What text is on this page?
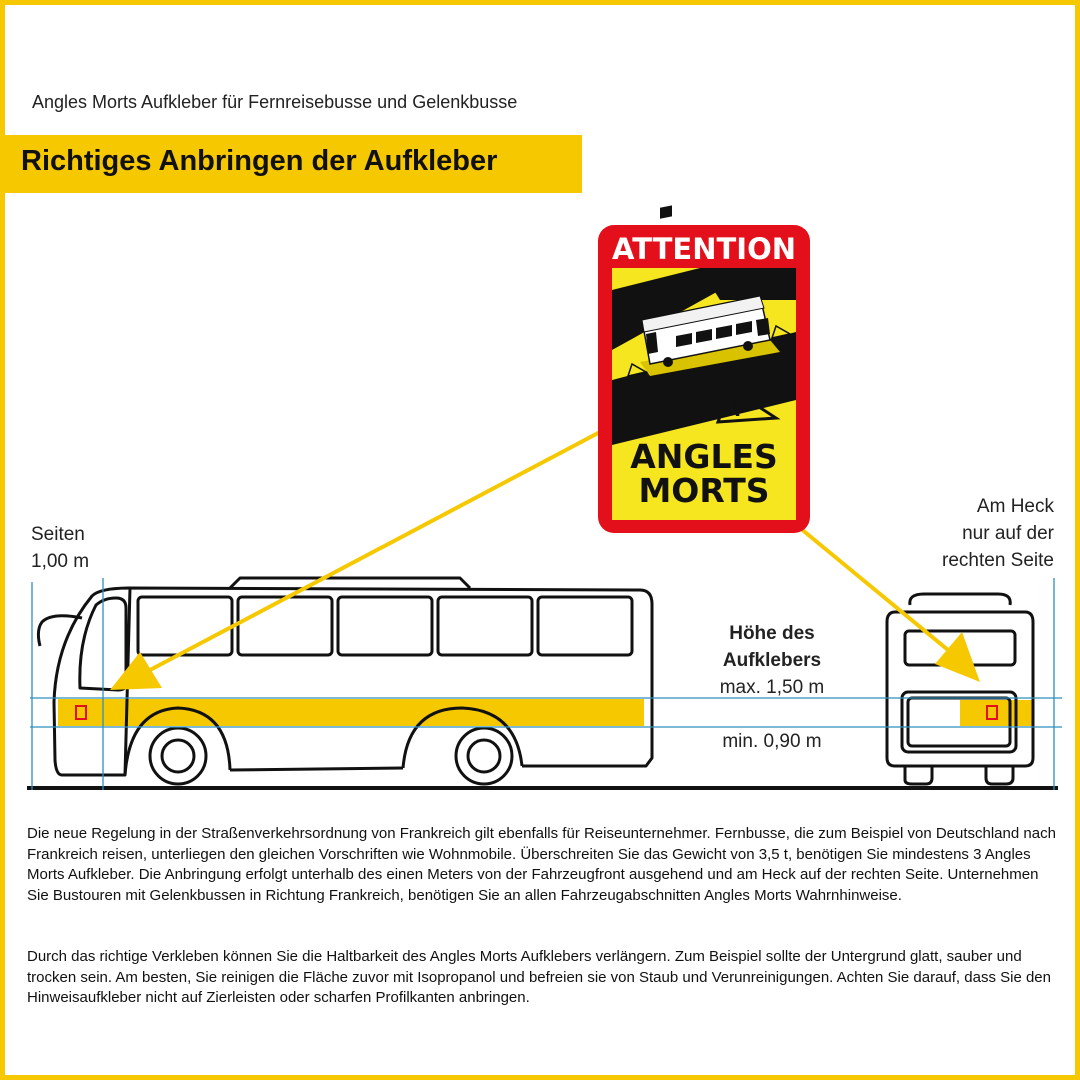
Angles Morts Aufkleber für Fernreisebusse und Gelenkbusse
Richtiges Anbringen der Aufkleber
!
!
ATTENTION
ANGLES
MORTS
Seiten
1,00 m
Am Heck
nur auf der
rechten Seite
Höhe des
Aufklebers
max. 1,50 m
min. 0,90 m
Die neue Regelung in der Straßenverkehrsordnung von Frankreich gilt ebenfalls für Reiseunternehmer. Fernbusse, die zum Beispiel von Deutschland nach Frankreich reisen, unterliegen den gleichen Vorschriften wie Wohnmobile. Überschreiten Sie das Gewicht von 3,5 t, benötigen Sie mindestens 3 Angles Morts Aufkleber. Die Anbringung erfolgt unterhalb des einen Meters von der Fahrzeugfront ausgehend und am Heck auf der rechten Seite. Unternehmen Sie Bustouren mit Gelenkbussen in Richtung Frankreich, benötigen Sie an allen Fahrzeugabschnitten Angles Morts Wahrnhinweise.
Durch das richtige Verkleben können Sie die Haltbarkeit des Angles Morts Aufklebers verlängern. Zum Beispiel sollte der Untergrund glatt, sauber und trocken sein. Am besten, Sie reinigen die Fläche zuvor mit Isopropanol und befreien sie von Staub und Verunreinigungen. Achten Sie darauf, dass Sie den Hinweisaufkleber nicht auf Zierleisten oder scharfen Profilkanten anbringen.
